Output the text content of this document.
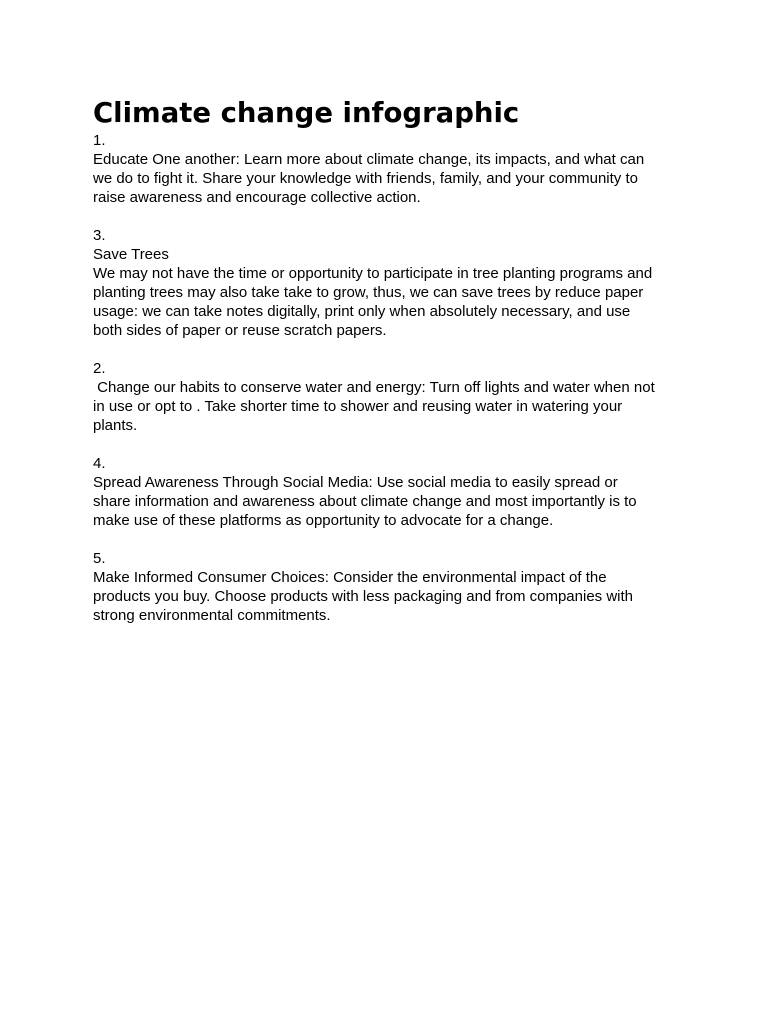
Climate change infographic

1.

Educate One another: Learn more about climate change, its impacts, and what can

we do to fight it. Share your knowledge with friends, family, and your community to

raise awareness and encourage collective action.

3.

Save Trees

We may not have the time or opportunity to participate in tree planting programs and

planting trees may also take take to grow, thus, we can save trees by reduce paper

usage: we can take notes digitally, print only when absolutely necessary, and use

both sides of paper or reuse scratch papers.

2.

Change our habits to conserve water and energy: Turn off lights and water when not

in use or opt to . Take shorter time to shower and reusing water in watering your

plants.

4.

Spread Awareness Through Social Media: Use social media to easily spread or

share information and awareness about climate change and most importantly is to

make use of these platforms as opportunity to advocate for a change.

5.

Make Informed Consumer Choices: Consider the environmental impact of the

products you buy. Choose products with less packaging and from companies with

strong environmental commitments.
